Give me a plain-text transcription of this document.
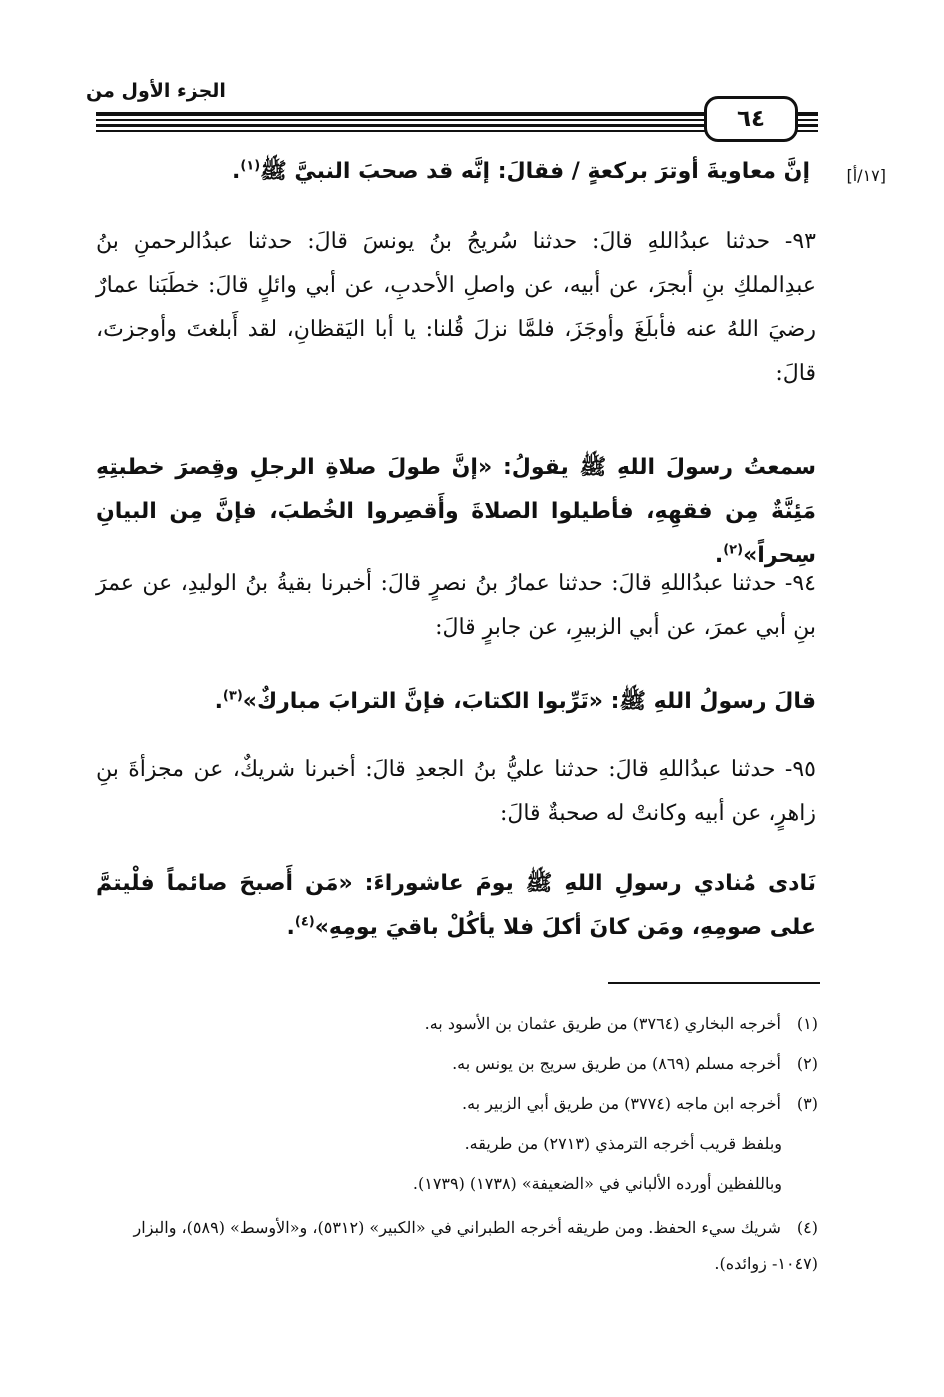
الجزء الأول من
٦٤
[١٧/أ]
إنَّ معاويةَ أوترَ بركعةٍ / فقالَ: إنَّه قد صحبَ النبيَّ ﷺ$^{(١)}$.
٩٣- حدثنا عبدُاللهِ قالَ: حدثنا سُريجُ بنُ يونسَ قالَ: حدثنا عبدُالرحمنِ بنُ عبدِالملكِ بنِ أبجرَ، عن أبيه، عن واصلِ الأحدبِ، عن أبي وائلٍ قالَ: خطَبَنا عمارٌ رضيَ اللهُ عنه فأبلَغَ وأوجَزَ، فلمَّا نزلَ قُلنا: يا أبا اليَقظانِ، لقد أَبلغتَ وأوجزتَ، قالَ:
سمعتُ رسولَ اللهِ ﷺ يقولُ: «إنَّ طولَ صلاةِ الرجلِ وقِصرَ خطبتِهِ مَئِنَّةٌ مِن فقهِهِ، فأطيلوا الصلاةَ وأَقصِروا الخُطبَ، فإنَّ مِن البيانِ سِحراً»$^{(٢)}$.
٩٤- حدثنا عبدُاللهِ قالَ: حدثنا عمارُ بنُ نصرٍ قالَ: أخبرنا بقيةُ بنُ الوليدِ، عن عمرَ بنِ أبي عمرَ، عن أبي الزبيرِ، عن جابرٍ قالَ:
قالَ رسولُ اللهِ ﷺ: «تَرِّبوا الكتابَ، فإنَّ الترابَ مباركٌ»$^{(٣)}$.
٩٥- حدثنا عبدُاللهِ قالَ: حدثنا عليُّ بنُ الجعدِ قالَ: أخبرنا شريكٌ، عن مجزأةَ بنِ زاهرٍ، عن أبيه وكانتْ له صحبةٌ قالَ:
نَادى مُنادي رسولِ اللهِ ﷺ يومَ عاشوراءَ: «مَن أَصبحَ صائماً فلْيتمَّ على صومِهِ، ومَن كانَ أكلَ فلا يأكُلْ باقيَ يومِهِ»$^{(٤)}$.
(١) أخرجه البخاري (٣٧٦٤) من طريق عثمان بن الأسود به.
(٢) أخرجه مسلم (٨٦٩) من طريق سريج بن يونس به.
(٣) أخرجه ابن ماجه (٣٧٧٤) من طريق أبي الزبير به.
وبلفظ قريب أخرجه الترمذي (٢٧١٣) من طريقه.
وباللفظين أورده الألباني في «الضعيفة» (١٧٣٨) (١٧٣٩).
(٤) شريك سيء الحفظ. ومن طريقه أخرجه الطبراني في «الكبير» (٥٣١٢)، و«الأوسط» (٥٨٩)، والبزار (١٠٤٧- زوائده).
